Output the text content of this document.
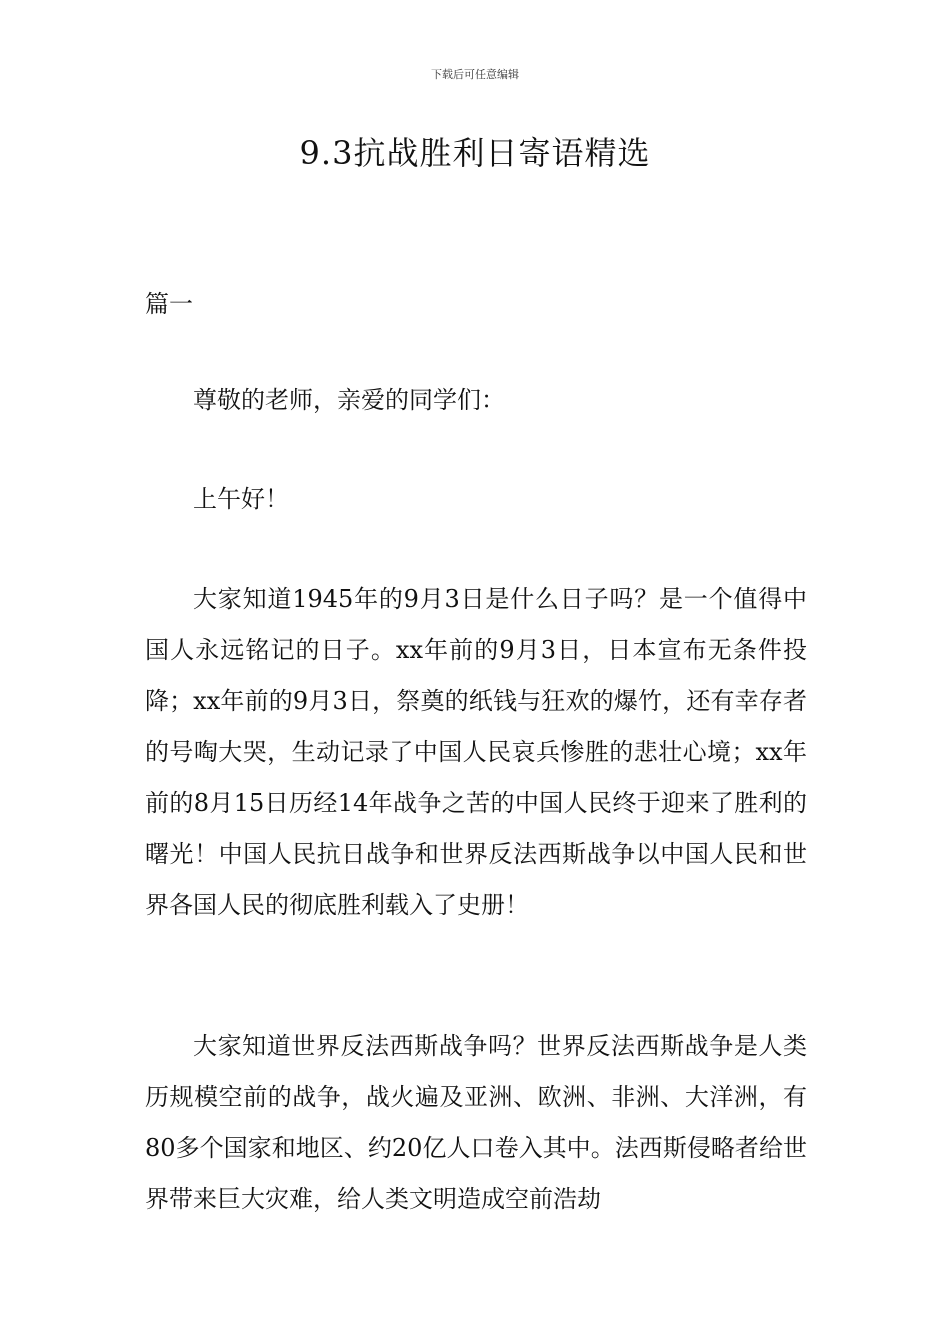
下载后可任意编辑
9.3抗战胜利日寄语精选
篇一

尊敬的老师，亲爱的同学们：

上午好！

大家知道1945年的9月3日是什么日子吗？是一个值得中国人永远铭记的日子。xx年前的9月3日，日本宣布无条件投降；xx年前的9月3日，祭奠的纸钱与狂欢的爆竹，还有幸存者的号啕大哭，生动记录了中国人民哀兵惨胜的悲壮心境；xx年前的8月15日历经14年战争之苦的中国人民终于迎来了胜利的曙光！中国人民抗日战争和世界反法西斯战争以中国人民和世界各国人民的彻底胜利载入了史册！

大家知道世界反法西斯战争吗？世界反法西斯战争是人类历规模空前的战争，战火遍及亚洲、欧洲、非洲、大洋洲，有80多个国家和地区、约20亿人口卷入其中。法西斯侵略者给世界带来巨大灾难，给人类文明造成空前浩劫
